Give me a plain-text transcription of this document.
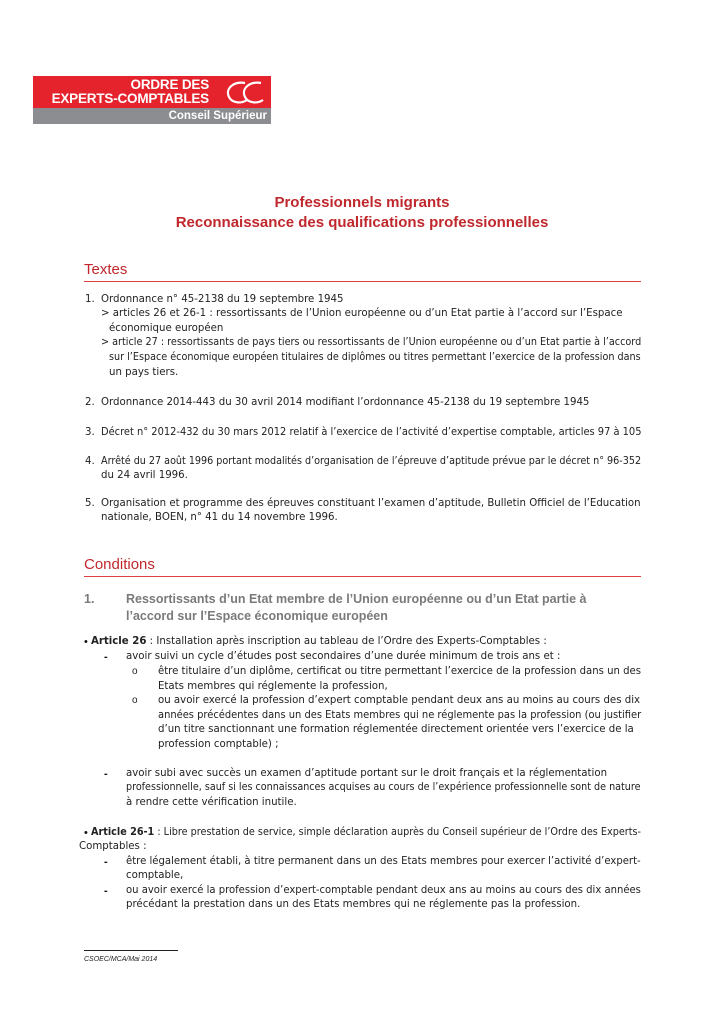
ORDRE DES
EXPERTS-COMPTABLES
Conseil Supérieur
Professionnels migrants
Reconnaissance des qualifications professionnelles
Textes
1. Ordonnance n° 45-2138 du 19 septembre 1945
> articles 26 et 26-1 : ressortissants de l’Union européenne ou d’un Etat partie à l’accord sur l’Espace
économique européen
> article 27 : ressortissants de pays tiers ou ressortissants de l’Union européenne ou d’un Etat partie à l’accord
sur l’Espace économique européen titulaires de diplômes ou titres permettant l’exercice de la profession dans
un pays tiers.
2. Ordonnance 2014-443 du 30 avril 2014 modifiant l’ordonnance 45-2138 du 19 septembre 1945
3. Décret n° 2012-432 du 30 mars 2012 relatif à l’exercice de l’activité d’expertise comptable, articles 97 à 105
4. Arrêté du 27 août 1996 portant modalités d’organisation de l’épreuve d’aptitude prévue par le décret n° 96-352
du 24 avril 1996.
5. Organisation et programme des épreuves constituant l’examen d’aptitude, Bulletin Officiel de l’Education
nationale, BOEN, n° 41 du 14 novembre 1996.
Conditions
1.	Ressortissants d’un Etat membre de l’Union européenne ou d’un Etat partie à
l’accord sur l’Espace économique européen
• Article 26 : Installation après inscription au tableau de l’Ordre des Experts-Comptables :
- avoir suivi un cycle d’études post secondaires d’une durée minimum de trois ans et :
o être titulaire d’un diplôme, certificat ou titre permettant l’exercice de la profession dans un des
Etats membres qui réglemente la profession,
o ou avoir exercé la profession d’expert comptable pendant deux ans au moins au cours des dix
années précédentes dans un des Etats membres qui ne réglemente pas la profession (ou justifier
d’un titre sanctionnant une formation réglementée directement orientée vers l’exercice de la
profession comptable) ;
- avoir subi avec succès un examen d’aptitude portant sur le droit français et la réglementation
professionnelle, sauf si les connaissances acquises au cours de l’expérience professionnelle sont de nature
à rendre cette vérification inutile.
• Article 26-1 : Libre prestation de service, simple déclaration auprès du Conseil supérieur de l’Ordre des Experts-
Comptables :
- être légalement établi, à titre permanent dans un des Etats membres pour exercer l’activité d’expert-
comptable,
- ou avoir exercé la profession d’expert-comptable pendant deux ans au moins au cours des dix années
précédant la prestation dans un des Etats membres qui ne réglemente pas la profession.
CSOEC/MCA/Mai 2014
